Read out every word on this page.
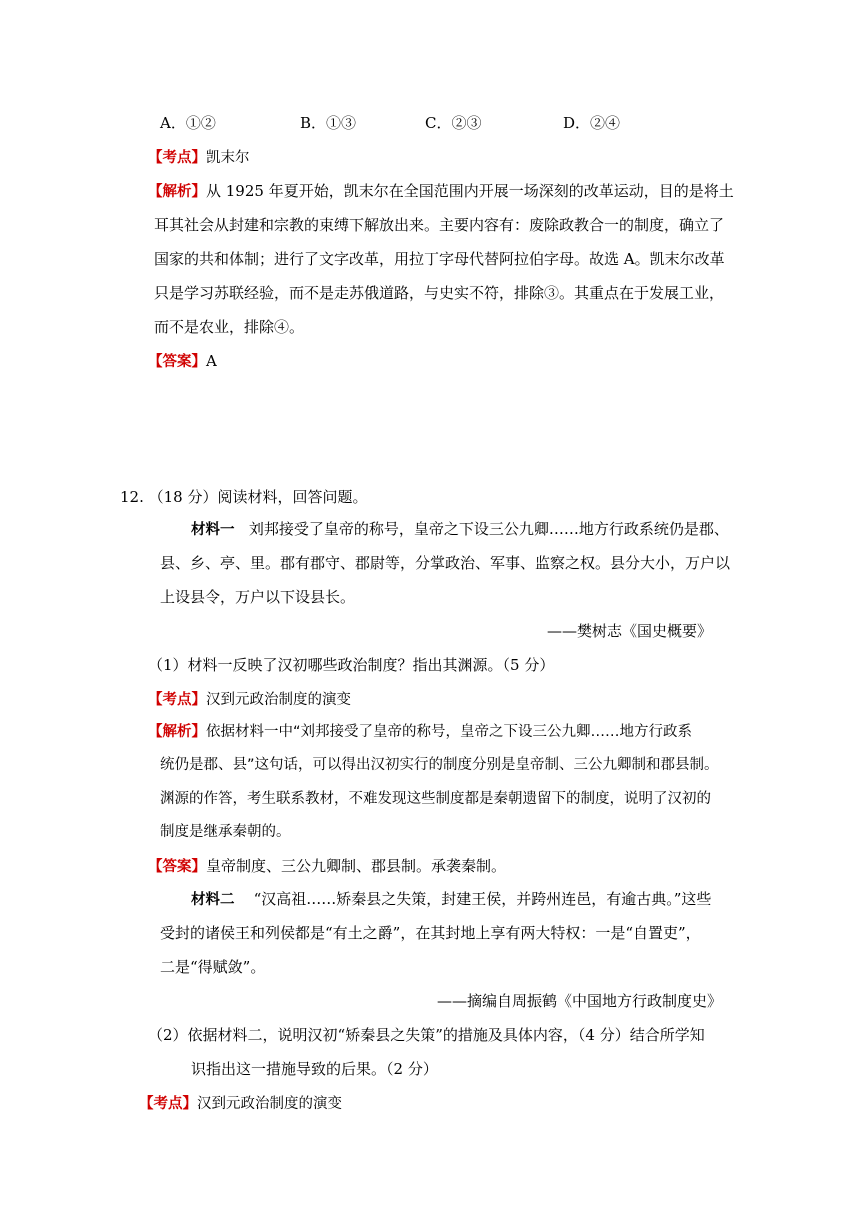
A．①②	B．①③	C．②③	D．②④
【考点】凯末尔
【解析】从 1925 年夏开始，凯末尔在全国范围内开展一场深刻的改革运动，目的是将土
耳其社会从封建和宗教的束缚下解放出来。主要内容有：废除政教合一的制度，确立了
国家的共和体制；进行了文字改革，用拉丁字母代替阿拉伯字母。故选 A。凯末尔改革
只是学习苏联经验，而不是走苏俄道路，与史实不符，排除③。其重点在于发展工业，
而不是农业，排除④。
【答案】A
12. （18 分）阅读材料，回答问题。
材料一 刘邦接受了皇帝的称号，皇帝之下设三公九卿……地方行政系统仍是郡、
县、乡、亭、里。郡有郡守、郡尉等，分掌政治、军事、监察之权。县分大小，万户以
上设县令，万户以下设县长。
——樊树志《国史概要》
（1）材料一反映了汉初哪些政治制度？指出其渊源。（5 分）
【考点】汉到元政治制度的演变
【解析】依据材料一中“刘邦接受了皇帝的称号，皇帝之下设三公九卿……地方行政系
统仍是郡、县”这句话，可以得出汉初实行的制度分别是皇帝制、三公九卿制和郡县制。
渊源的作答，考生联系教材，不难发现这些制度都是秦朝遗留下的制度，说明了汉初的
制度是继承秦朝的。
【答案】皇帝制度、三公九卿制、郡县制。承袭秦制。
材料二 “汉高祖……矫秦县之失策，封建王侯，并跨州连邑，有逾古典。”这些
受封的诸侯王和列侯都是“有土之爵”，在其封地上享有两大特权：一是“自置吏”，
二是“得赋敛”。
——摘编自周振鹤《中国地方行政制度史》
（2）依据材料二，说明汉初“矫秦县之失策”的措施及具体内容，（4 分）结合所学知
识指出这一措施导致的后果。（2 分）
【考点】汉到元政治制度的演变
